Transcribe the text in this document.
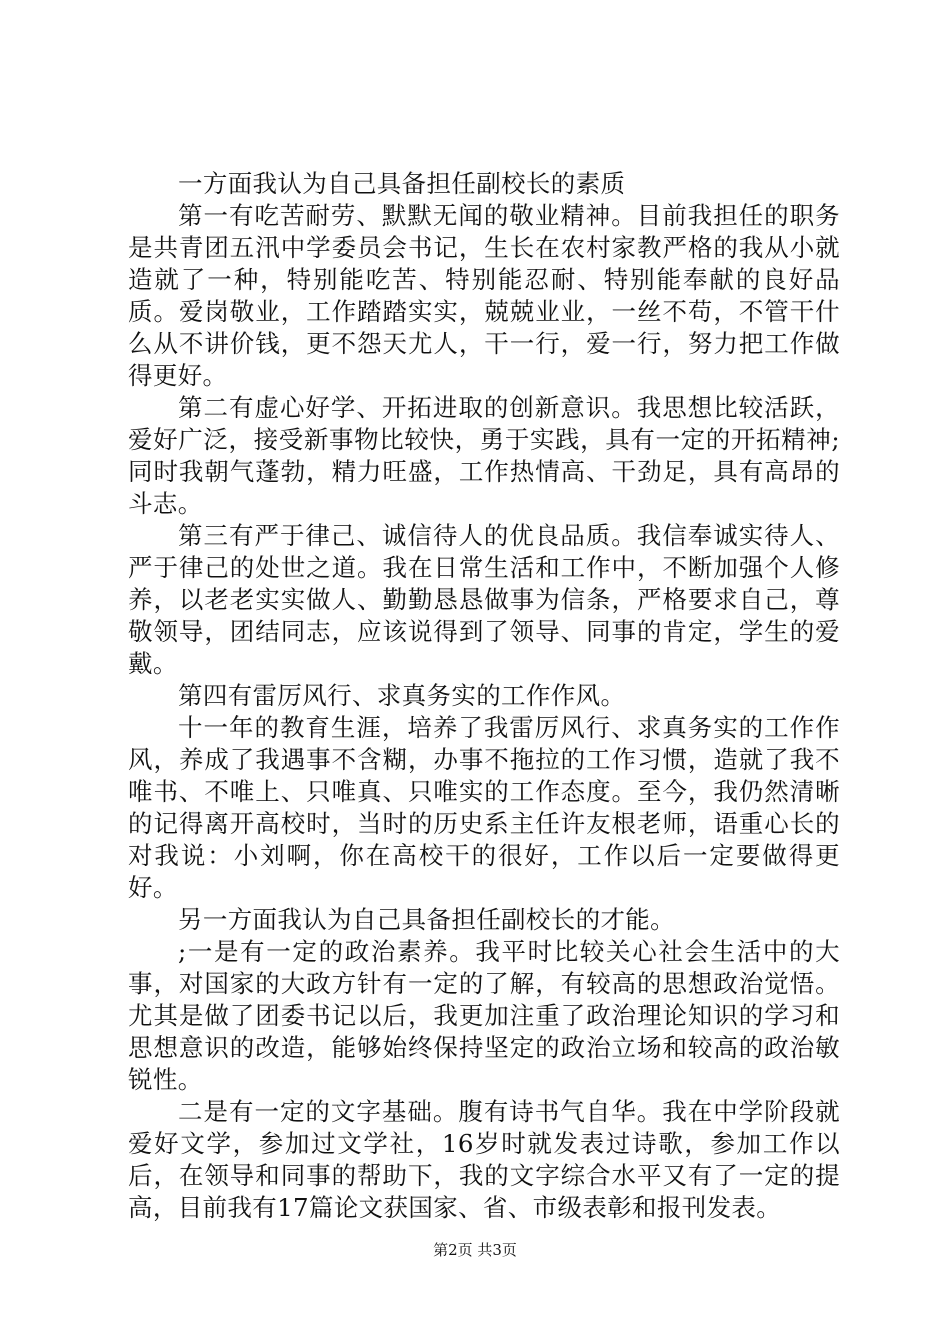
一方面我认为自己具备担任副校长的素质

第一有吃苦耐劳、默默无闻的敬业精神。目前我担任的职务是共青团五汛中学委员会书记，生长在农村家教严格的我从小就造就了一种，特别能吃苦、特别能忍耐、特别能奉献的良好品质。爱岗敬业，工作踏踏实实，兢兢业业，一丝不苟，不管干什么从不讲价钱，更不怨天尤人，干一行，爱一行，努力把工作做得更好。

第二有虚心好学、开拓进取的创新意识。我思想比较活跃，爱好广泛，接受新事物比较快，勇于实践，具有一定的开拓精神;同时我朝气蓬勃，精力旺盛，工作热情高、干劲足，具有高昂的斗志。

第三有严于律己、诚信待人的优良品质。我信奉诚实待人、严于律己的处世之道。我在日常生活和工作中，不断加强个人修养，以老老实实做人、勤勤恳恳做事为信条，严格要求自己，尊敬领导，团结同志，应该说得到了领导、同事的肯定，学生的爱戴。

第四有雷厉风行、求真务实的工作作风。

十一年的教育生涯，培养了我雷厉风行、求真务实的工作作风，养成了我遇事不含糊，办事不拖拉的工作习惯，造就了我不唯书、不唯上、只唯真、只唯实的工作态度。至今，我仍然清晰的记得离开高校时，当时的历史系主任许友根老师，语重心长的对我说：小刘啊，你在高校干的很好，工作以后一定要做得更好。

另一方面我认为自己具备担任副校长的才能。

;一是有一定的政治素养。我平时比较关心社会生活中的大事，对国家的大政方针有一定的了解，有较高的思想政治觉悟。尤其是做了团委书记以后，我更加注重了政治理论知识的学习和思想意识的改造，能够始终保持坚定的政治立场和较高的政治敏锐性。

二是有一定的文字基础。腹有诗书气自华。我在中学阶段就爱好文学，参加过文学社，16岁时就发表过诗歌，参加工作以后，在领导和同事的帮助下，我的文字综合水平又有了一定的提高，目前我有17篇论文获国家、省、市级表彰和报刊发表。

第2页 共3页
